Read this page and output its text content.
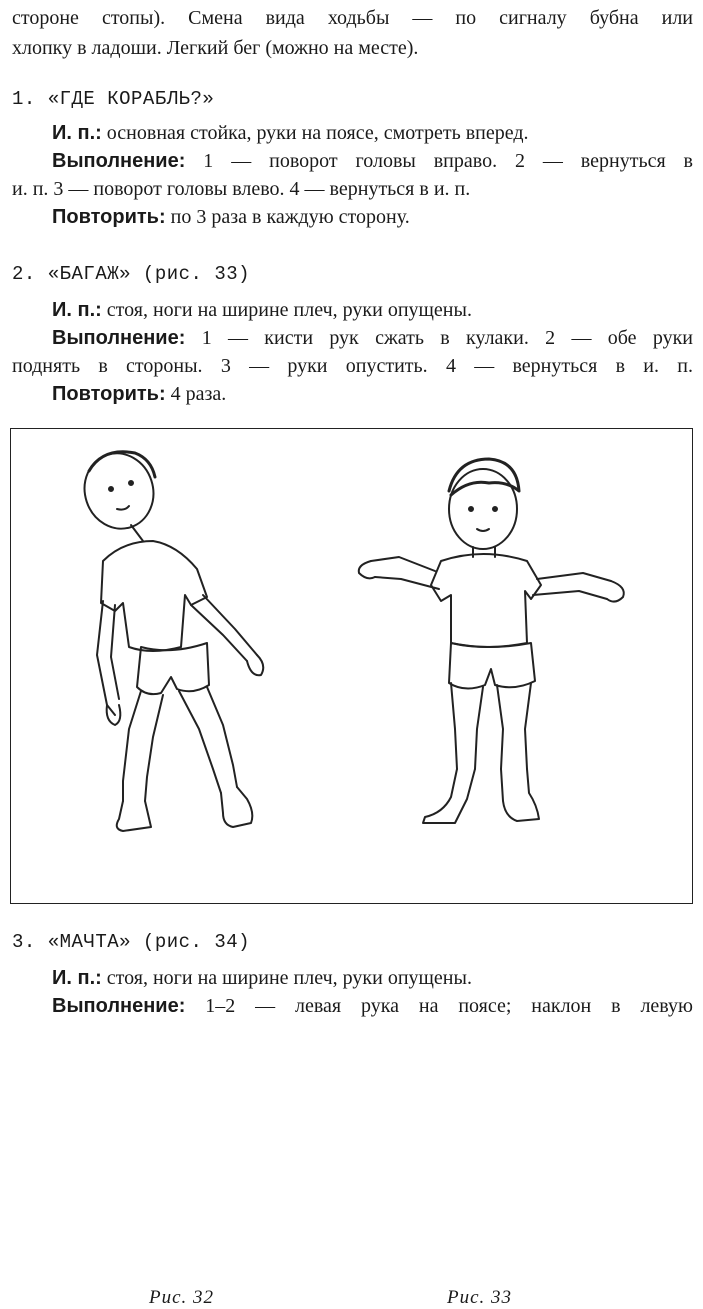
стороне стопы). Смена вида ходьбы — по сигналу бубна или
хлопку в ладоши. Легкий бег (можно на месте).
1. «ГДЕ КОРАБЛЬ?»
И. п.: основная стойка, руки на поясе, смотреть вперед.
Выполнение: 1 — поворот головы вправо. 2 — вернуться в
и. п. 3 — поворот головы влево. 4 — вернуться в и. п.
Повторить: по 3 раза в каждую сторону.
2. «БАГАЖ» (рис. 33)
И. п.: стоя, ноги на ширине плеч, руки опущены.
Выполнение: 1 — кисти рук сжать в кулаки. 2 — обе руки
поднять в стороны. 3 — руки опустить. 4 — вернуться в и. п.
Повторить: 4 раза.
Рис. 32	Рис. 33
3. «МАЧТА» (рис. 34)
И. п.: стоя, ноги на ширине плеч, руки опущены.
Выполнение: 1–2 — левая рука на поясе; наклон в левую
